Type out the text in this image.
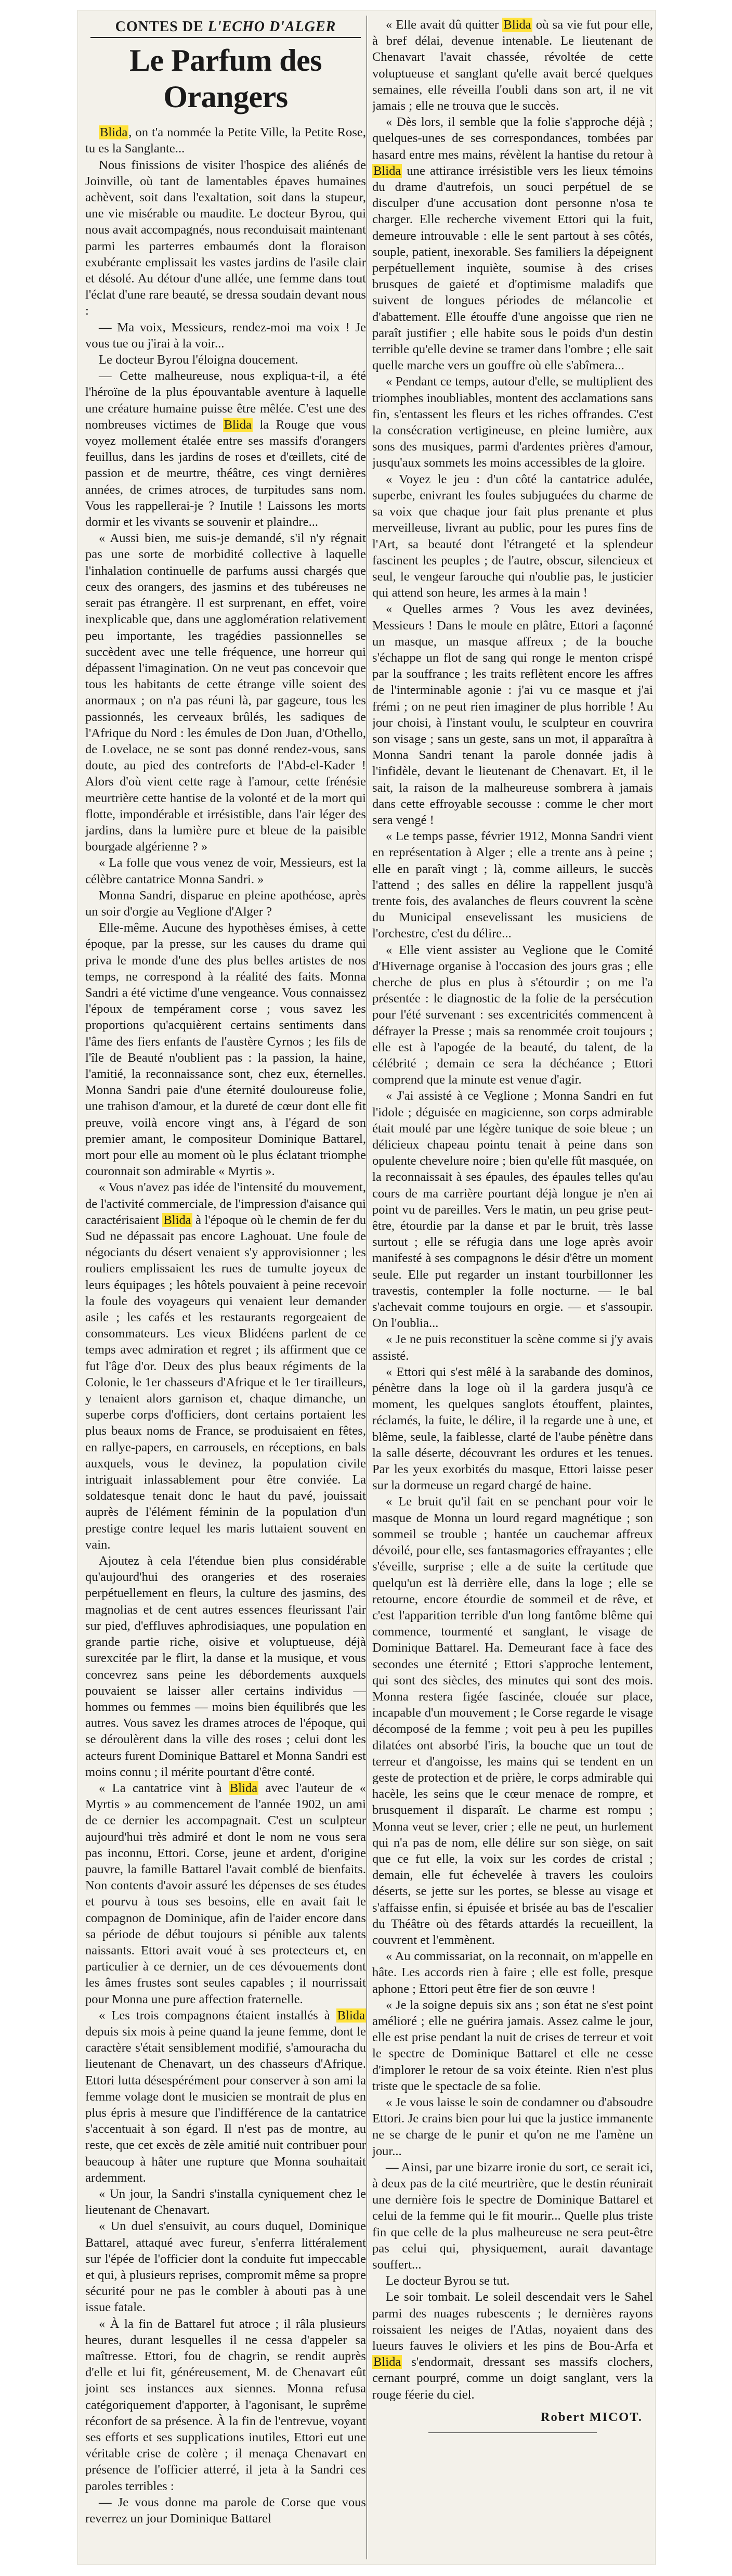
CONTES DE L'ECHO D'ALGER
Le Parfum des Orangers

Blida, on t'a nommée la Petite Ville, la Petite Rose, tu es la Sanglante...

Nous finissions de visiter l'hospice des aliénés de Joinville, où tant de lamentables épaves humaines achèvent, soit dans l'exaltation, soit dans la stupeur, une vie misérable ou maudite. Le docteur Byrou, qui nous avait accompagnés, nous reconduisait maintenant parmi les parterres embaumés dont la floraison exubérante emplissait les vastes jardins de l'asile clair et désolé. Au détour d'une allée, une femme dans tout l'éclat d'une rare beauté, se dressa soudain devant nous :

— Ma voix, Messieurs, rendez-moi ma voix ! Je vous tue ou j'irai à la voir...

Le docteur Byrou l'éloigna doucement.

— Cette malheureuse, nous expliqua-t-il, a été l'héroïne de la plus épouvantable aventure à laquelle une créature humaine puisse être mêlée. C'est une des nombreuses victimes de Blida la Rouge que vous voyez mollement étalée entre ses massifs d'orangers feuillus, dans les jardins de roses et d'œillets, cité de passion et de meurtre, théâtre, ces vingt dernières années, de crimes atroces, de turpitudes sans nom. Vous les rappellerai-je ? Inutile ! Laissons les morts dormir et les vivants se souvenir et plaindre...

« Aussi bien, me suis-je demandé, s'il n'y régnait pas une sorte de morbidité collective à laquelle l'inhalation continuelle de parfums aussi chargés que ceux des orangers, des jasmins et des tubéreuses ne serait pas étrangère. Il est surprenant, en effet, voire inexplicable que, dans une agglomération relativement peu importante, les tragédies passionnelles se succèdent avec une telle fréquence, une horreur qui dépassent l'imagination. On ne veut pas concevoir que tous les habitants de cette étrange ville soient des anormaux ; on n'a pas réuni là, par gageure, tous les passionnés, les cerveaux brûlés, les sadiques de l'Afrique du Nord : les émules de Don Juan, d'Othello, de Lovelace, ne se sont pas donné rendez-vous, sans doute, au pied des contreforts de l'Abd-el-Kader ! Alors d'où vient cette rage à l'amour, cette frénésie meurtrière cette hantise de la volonté et de la mort qui flotte, impondérable et irrésistible, dans l'air léger des jardins, dans la lumière pure et bleue de la paisible bourgade algérienne ? »

« La folle que vous venez de voir, Messieurs, est la célèbre cantatrice Monna Sandri. »

Monna Sandri, disparue en pleine apothéose, après un soir d'orgie au Veglione d'Alger ?

Elle-même. Aucune des hypothèses émises, à cette époque, par la presse, sur les causes du drame qui priva le monde d'une des plus belles artistes de nos temps, ne correspond à la réalité des faits. Monna Sandri a été victime d'une vengeance. Vous connaissez l'époux de tempérament corse ; vous savez les proportions qu'acquièrent certains sentiments dans l'âme des fiers enfants de l'austère Cyrnos ; les fils de l'île de Beauté n'oublient pas : la passion, la haine, l'amitié, la reconnaissance sont, chez eux, éternelles. Monna Sandri paie d'une éternité douloureuse folie, une trahison d'amour, et la dureté de cœur dont elle fit preuve, voilà encore vingt ans, à l'égard de son premier amant, le compositeur Dominique Battarel, mort pour elle au moment où le plus éclatant triomphe couronnait son admirable « Myrtis ».

« Vous n'avez pas idée de l'intensité du mouvement, de l'activité commerciale, de l'impression d'aisance qui caractérisaient Blida à l'époque où le chemin de fer du Sud ne dépassait pas encore Laghouat. Une foule de négociants du désert venaient s'y approvisionner ; les rouliers emplissaient les rues de tumulte joyeux de leurs équipages ; les hôtels pouvaient à peine recevoir la foule des voyageurs qui venaient leur demander asile ; les cafés et les restaurants regorgeaient de consommateurs. Les vieux Blidéens parlent de ce temps avec admiration et regret ; ils affirment que ce fut l'âge d'or. Deux des plus beaux régiments de la Colonie, le 1er chasseurs d'Afrique et le 1er tirailleurs, y tenaient alors garnison et, chaque dimanche, un superbe corps d'officiers, dont certains portaient les plus beaux noms de France, se produisaient en fêtes, en rallye-papers, en carrousels, en réceptions, en bals auxquels, vous le devinez, la population civile intriguait inlassablement pour être conviée. La soldatesque tenait donc le haut du pavé, jouissait auprès de l'élément féminin de la population d'un prestige contre lequel les maris luttaient souvent en vain.

Ajoutez à cela l'étendue bien plus considérable qu'aujourd'hui des orangeries et des roseraies perpétuellement en fleurs, la culture des jasmins, des magnolias et de cent autres essences fleurissant l'air sur pied, d'effluves aphrodisiaques, une population en grande partie riche, oisive et voluptueuse, déjà surexcitée par le flirt, la danse et la musique, et vous concevrez sans peine les débordements auxquels pouvaient se laisser aller certains individus — hommes ou femmes — moins bien équilibrés que les autres. Vous savez les drames atroces de l'époque, qui se déroulèrent dans la ville des roses ; celui dont les acteurs furent Dominique Battarel et Monna Sandri est moins connu ; il mérite pourtant d'être conté.

« La cantatrice vint à Blida avec l'auteur de « Myrtis » au commencement de l'année 1902, un ami de ce dernier les accompagnait. C'est un sculpteur aujourd'hui très admiré et dont le nom ne vous sera pas inconnu, Ettori. Corse, jeune et ardent, d'origine pauvre, la famille Battarel l'avait comblé de bienfaits. Non contents d'avoir assuré les dépenses de ses études et pourvu à tous ses besoins, elle en avait fait le compagnon de Dominique, afin de l'aider encore dans sa période de début toujours si pénible aux talents naissants. Ettori avait voué à ses protecteurs et, en particulier à ce dernier, un de ces dévouements dont les âmes frustes sont seules capables ; il nourrissait pour Monna une pure affection fraternelle.

« Les trois compagnons étaient installés à Blida depuis six mois à peine quand la jeune femme, dont le caractère s'était sensiblement modifié, s'amouracha du lieutenant de Chenavart, un des chasseurs d'Afrique. Ettori lutta désespérément pour conserver à son ami la femme volage dont le musicien se montrait de plus en plus épris à mesure que l'indifférence de la cantatrice s'accentuait à son égard. Il n'est pas de montre, au reste, que cet excès de zèle amitié nuit contribuer pour beaucoup à hâter une rupture que Monna souhaitait ardemment.

« Un jour, la Sandri s'installa cyniquement chez le lieutenant de Chenavart.

« Un duel s'ensuivit, au cours duquel, Dominique Battarel, attaqué avec fureur, s'enferra littéralement sur l'épée de l'officier dont la conduite fut impeccable et qui, à plusieurs reprises, compromit même sa propre sécurité pour ne pas le combler à abouti pas à une issue fatale.

« À la fin de Battarel fut atroce ; il râla plusieurs heures, durant lesquelles il ne cessa d'appeler sa maîtresse. Ettori, fou de chagrin, se rendit auprès d'elle et lui fit, généreusement, M. de Chenavart eût joint ses instances aux siennes. Monna refusa catégoriquement d'apporter, à l'agonisant, le suprême réconfort de sa présence. À la fin de l'entrevue, voyant ses efforts et ses supplications inutiles, Ettori eut une véritable crise de colère ; il menaça Chenavart en présence de l'officier atterré, il jeta à la Sandri ces paroles terribles :

— Je vous donne ma parole de Corse que vous reverrez un jour Dominique Battarel

« Elle avait dû quitter Blida où sa vie fut pour elle, à bref délai, devenue intenable. Le lieutenant de Chenavart l'avait chassée, révoltée de cette voluptueuse et sanglant qu'elle avait bercé quelques semaines, elle réveilla l'oubli dans son art, il ne vit jamais ; elle ne trouva que le succès.

« Dès lors, il semble que la folie s'approche déjà ; quelques-unes de ses correspondances, tombées par hasard entre mes mains, révèlent la hantise du retour à Blida une attirance irrésistible vers les lieux témoins du drame d'autrefois, un souci perpétuel de se disculper d'une accusation dont personne n'osa te charger. Elle recherche vivement Ettori qui la fuit, demeure introuvable : elle le sent partout à ses côtés, souple, patient, inexorable. Ses familiers la dépeignent perpétuellement inquiète, soumise à des crises brusques de gaieté et d'optimisme maladifs que suivent de longues périodes de mélancolie et d'abattement. Elle étouffe d'une angoisse que rien ne paraît justifier ; elle habite sous le poids d'un destin terrible qu'elle devine se tramer dans l'ombre ; elle sait quelle marche vers un gouffre où elle s'abîmera...

« Pendant ce temps, autour d'elle, se multiplient des triomphes inoubliables, montent des acclamations sans fin, s'entassent les fleurs et les riches offrandes. C'est la consécration vertigineuse, en pleine lumière, aux sons des musiques, parmi d'ardentes prières d'amour, jusqu'aux sommets les moins accessibles de la gloire.

« Voyez le jeu : d'un côté la cantatrice adulée, superbe, enivrant les foules subjuguées du charme de sa voix que chaque jour fait plus prenante et plus merveilleuse, livrant au public, pour les pures fins de l'Art, sa beauté dont l'étrangeté et la splendeur fascinent les peuples ; de l'autre, obscur, silencieux et seul, le vengeur farouche qui n'oublie pas, le justicier qui attend son heure, les armes à la main !

« Quelles armes ? Vous les avez devinées, Messieurs ! Dans le moule en plâtre, Ettori a façonné un masque, un masque affreux ; de la bouche s'échappe un flot de sang qui ronge le menton crispé par la souffrance ; les traits reflètent encore les affres de l'interminable agonie : j'ai vu ce masque et j'ai frémi ; on ne peut rien imaginer de plus horrible ! Au jour choisi, à l'instant voulu, le sculpteur en couvrira son visage ; sans un geste, sans un mot, il apparaîtra à Monna Sandri tenant la parole donnée jadis à l'infidèle, devant le lieutenant de Chenavart. Et, il le sait, la raison de la malheureuse sombrera à jamais dans cette effroyable secousse : comme le cher mort sera vengé !

« Le temps passe, février 1912, Monna Sandri vient en représentation à Alger ; elle a trente ans à peine ; elle en paraît vingt ; là, comme ailleurs, le succès l'attend ; des salles en délire la rappellent jusqu'à trente fois, des avalanches de fleurs couvrent la scène du Municipal ensevelissant les musiciens de l'orchestre, c'est du délire...

« Elle vient assister au Veglione que le Comité d'Hivernage organise à l'occasion des jours gras ; elle cherche de plus en plus à s'étourdir ; on me l'a présentée : le diagnostic de la folie de la persécution pour l'été survenant : ses excentricités commencent à défrayer la Presse ; mais sa renommée croit toujours ; elle est à l'apogée de la beauté, du talent, de la célébrité ; demain ce sera la déchéance ; Ettori comprend que la minute est venue d'agir.

« J'ai assisté à ce Veglione ; Monna Sandri en fut l'idole ; déguisée en magicienne, son corps admirable était moulé par une légère tunique de soie bleue ; un délicieux chapeau pointu tenait à peine dans son opulente chevelure noire ; bien qu'elle fût masquée, on la reconnaissait à ses épaules, des épaules telles qu'au cours de ma carrière pourtant déjà longue je n'en ai point vu de pareilles. Vers le matin, un peu grise peut-être, étourdie par la danse et par le bruit, très lasse surtout ; elle se réfugia dans une loge après avoir manifesté à ses compagnons le désir d'être un moment seule. Elle put regarder un instant tourbillonner les travestis, contempler la folle nocturne. — le bal s'achevait comme toujours en orgie. — et s'assoupir. On l'oublia...

« Je ne puis reconstituer la scène comme si j'y avais assisté.

« Ettori qui s'est mêlé à la sarabande des dominos, pénètre dans la loge où il la gardera jusqu'à ce moment, les quelques sanglots étouffent, plaintes, réclamés, la fuite, le délire, il la regarde une à une, et blême, seule, la faiblesse, clarté de l'aube pénètre dans la salle déserte, découvrant les ordures et les tenues. Par les yeux exorbités du masque, Ettori laisse peser sur la dormeuse un regard chargé de haine.

« Le bruit qu'il fait en se penchant pour voir le masque de Monna un lourd regard magnétique ; son sommeil se trouble ; hantée un cauchemar affreux dévoilé, pour elle, ses fantasmagories effrayantes ; elle s'éveille, surprise ; elle a de suite la certitude que quelqu'un est là derrière elle, dans la loge ; elle se retourne, encore étourdie de sommeil et de rêve, et c'est l'apparition terrible d'un long fantôme blême qui commence, tourmenté et sanglant, le visage de Dominique Battarel. Ha. Demeurant face à face des secondes une éternité ; Ettori s'approche lentement, qui sont des siècles, des minutes qui sont des mois. Monna restera figée fascinée, clouée sur place, incapable d'un mouvement ; le Corse regarde le visage décomposé de la femme ; voit peu à peu les pupilles dilatées ont absorbé l'iris, la bouche que un tout de terreur et d'angoisse, les mains qui se tendent en un geste de protection et de prière, le corps admirable qui hacèle, les seins que le cœur menace de rompre, et brusquement il disparaît. Le charme est rompu ; Monna veut se lever, crier ; elle ne peut, un hurlement qui n'a pas de nom, elle délire sur son siège, on sait que ce fut elle, la voix sur les cordes de cristal ; demain, elle fut échevelée à travers les couloirs déserts, se jette sur les portes, se blesse au visage et s'affaisse enfin, si épuisée et brisée au bas de l'escalier du Théâtre où des fêtards attardés la recueillent, la couvrent et l'emmènent.

« Au commissariat, on la reconnait, on m'appelle en hâte. Les accords rien à faire ; elle est folle, presque aphone ; Ettori peut être fier de son œuvre !

« Je la soigne depuis six ans ; son état ne s'est point amélioré ; elle ne guérira jamais. Assez calme le jour, elle est prise pendant la nuit de crises de terreur et voit le spectre de Dominique Battarel et elle ne cesse d'implorer le retour de sa voix éteinte. Rien n'est plus triste que le spectacle de sa folie.

« Je vous laisse le soin de condamner ou d'absoudre Ettori. Je crains bien pour lui que la justice immanente ne se charge de le punir et qu'on ne me l'amène un jour...

— Ainsi, par une bizarre ironie du sort, ce serait ici, à deux pas de la cité meurtrière, que le destin réunirait une dernière fois le spectre de Dominique Battarel et celui de la femme qui le fit mourir... Quelle plus triste fin que celle de la plus malheureuse ne sera peut-être pas celui qui, physiquement, aurait davantage souffert...

Le docteur Byrou se tut.

Le soir tombait. Le soleil descendait vers le Sahel parmi des nuages rubescents ; le dernières rayons roissaient les neiges de l'Atlas, noyaient dans des lueurs fauves le oliviers et les pins de Bou-Arfa et Blida s'endormait, dressant ses massifs clochers, cernant pourpré, comme un doigt sanglant, vers la rouge féerie du ciel.

Robert MICOT.
